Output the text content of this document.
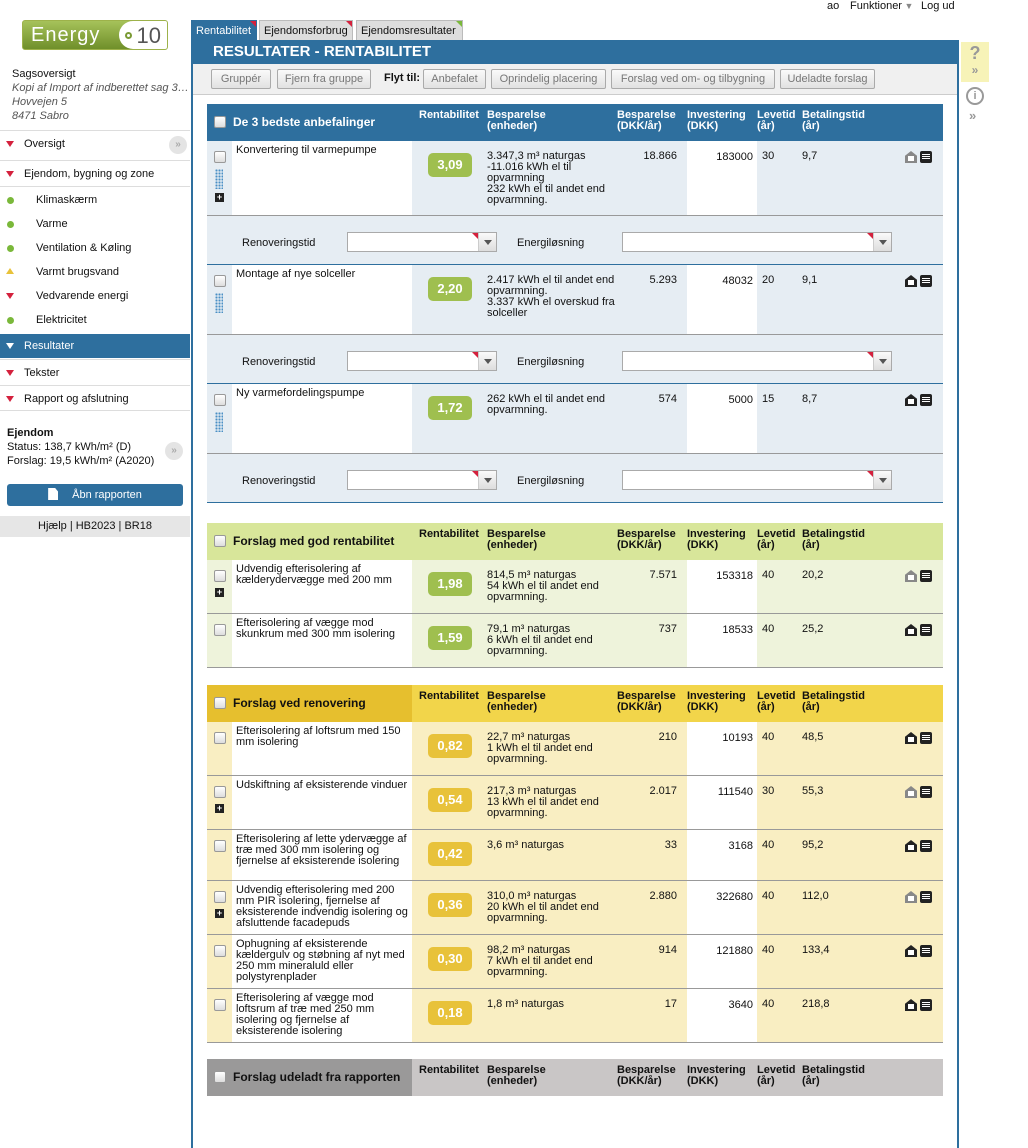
ao Funktioner ▼ Log ud
Energy 10
Sagsoversigt
Kopi af Import af indberettet sag 3…
Hovvejen 5
8471 Sabro
Oversigt	»
Ejendom, bygning og zone
Klimaskærm
Varme
Ventilation & Køling
Varmt brugsvand
Vedvarende energi
Elektricitet
Resultater
Tekster
Rapport og afslutning
Ejendom
Status: 138,7 kWh/m² (D)
Forslag: 19,5 kWh/m² (A2020)
»
Åbn rapporten
Hjælp | HB2023 | BR18
Rentabilitet	Ejendomsforbrug	Ejendomsresultater
?
»
i
»
RESULTATER - RENTABILITET
Gruppér	Fjern fra gruppe	Flyt til:	Anbefalet	Oprindelig placering	Forslag ved om- og tilbygning	Udeladte forslag
De 3 bedste anbefalinger	Rentabilitet Besparelse
(enheder)
Besparelse
(DKK/år)
Investering
(DKK)
Levetid
(år)
Betalingstid
(år)
+
Konvertering til varmepumpe
3,09
3.347,3 m³ naturgas
-11.016 kWh el til
opvarmning
232 kWh el til andet end
opvarmning.
18.866	183000 30	9,7
Renoveringstid	Energiløsning
Montage af nye solceller
2,20
2.417 kWh el til andet end
opvarmning.
3.337 kWh el overskud fra
solceller
5.293	48032 20	9,1
Renoveringstid	Energiløsning
Ny varmefordelingspumpe
1,72
262 kWh el til andet end
opvarmning.
574	5000 15	8,7
Renoveringstid	Energiløsning
Forslag med god rentabilitet	Rentabilitet Besparelse
(enheder)
Besparelse
(DKK/år)
Investering
(DKK)
Levetid
(år)
Betalingstid
(år)
+
Udvendig efterisolering af kælderydervægge med 200 mm	1,98
814,5 m³ naturgas
54 kWh el til andet end
opvarmning.
7.571	153318 40	20,2
Efterisolering af vægge mod skunkrum med 300 mm isolering	1,59
79,1 m³ naturgas
6 kWh el til andet end
opvarmning.
737	18533 40	25,2
Forslag ved renovering	Rentabilitet Besparelse
(enheder)
Besparelse
(DKK/år)
Investering
(DKK)
Levetid
(år)
Betalingstid
(år)
Efterisolering af loftsrum med 150 mm isolering	0,82
22,7 m³ naturgas
1 kWh el til andet end
opvarmning.
210	10193 40	48,5
+
Udskiftning af eksisterende vinduer
0,54
217,3 m³ naturgas
13 kWh el til andet end
opvarmning.
2.017	111540 30	55,3
Efterisolering af lette ydervægge af træ med 300 mm isolering og fjernelse af eksisterende isolering	0,42
3,6 m³ naturgas	33	3168 40	95,2
+
Udvendig efterisolering med 200 mm PIR isolering, fjernelse af eksisterende indvendig isolering og afsluttende facadepuds
0,36
310,0 m³ naturgas
20 kWh el til andet end
opvarmning.
2.880	322680 40	112,0
Ophugning af eksisterende kældergulv og støbning af nyt med 250 mm mineraluld eller polystyrenplader
0,30
98,2 m³ naturgas
7 kWh el til andet end
opvarmning.
914	121880 40	133,4
Efterisolering af vægge mod loftsrum af træ med 250 mm isolering og fjernelse af eksisterende isolering
0,18
1,8 m³ naturgas	17	3640 40	218,8
Forslag udeladt fra rapporten	Rentabilitet Besparelse
(enheder)
Besparelse
(DKK/år)
Investering
(DKK)
Levetid
(år)
Betalingstid
(år)
